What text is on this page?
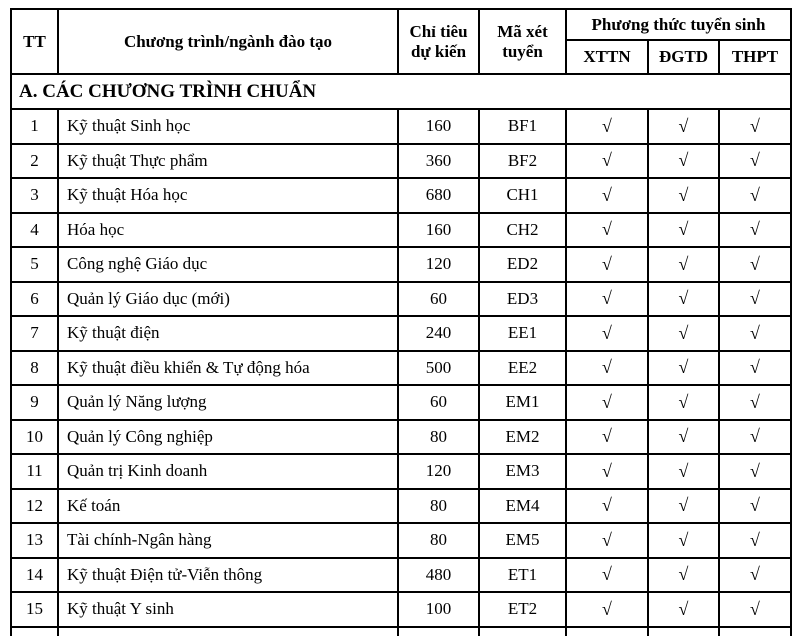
TT	Chương trình/ngành đào tạo	Chỉ tiêu dự kiến	Mã xét tuyển	Phương thức tuyển sinh		
				XTTN	ĐGTD	THPT
A. CÁC CHƯƠNG TRÌNH CHUẨN						
1	Kỹ thuật Sinh học	160	BF1	√	√	√
2	Kỹ thuật Thực phẩm	360	BF2	√	√	√
3	Kỹ thuật Hóa học	680	CH1	√	√	√
4	Hóa học	160	CH2	√	√	√
5	Công nghệ Giáo dục	120	ED2	√	√	√
6	Quản lý Giáo dục (mới)	60	ED3	√	√	√
7	Kỹ thuật điện	240	EE1	√	√	√
8	Kỹ thuật điều khiển & Tự động hóa	500	EE2	√	√	√
9	Quản lý Năng lượng	60	EM1	√	√	√
10	Quản lý Công nghiệp	80	EM2	√	√	√
11	Quản trị Kinh doanh	120	EM3	√	√	√
12	Kế toán	80	EM4	√	√	√
13	Tài chính-Ngân hàng	80	EM5	√	√	√
14	Kỹ thuật Điện tử-Viễn thông	480	ET1	√	√	√
15	Kỹ thuật Y sinh	100	ET2	√	√	√
